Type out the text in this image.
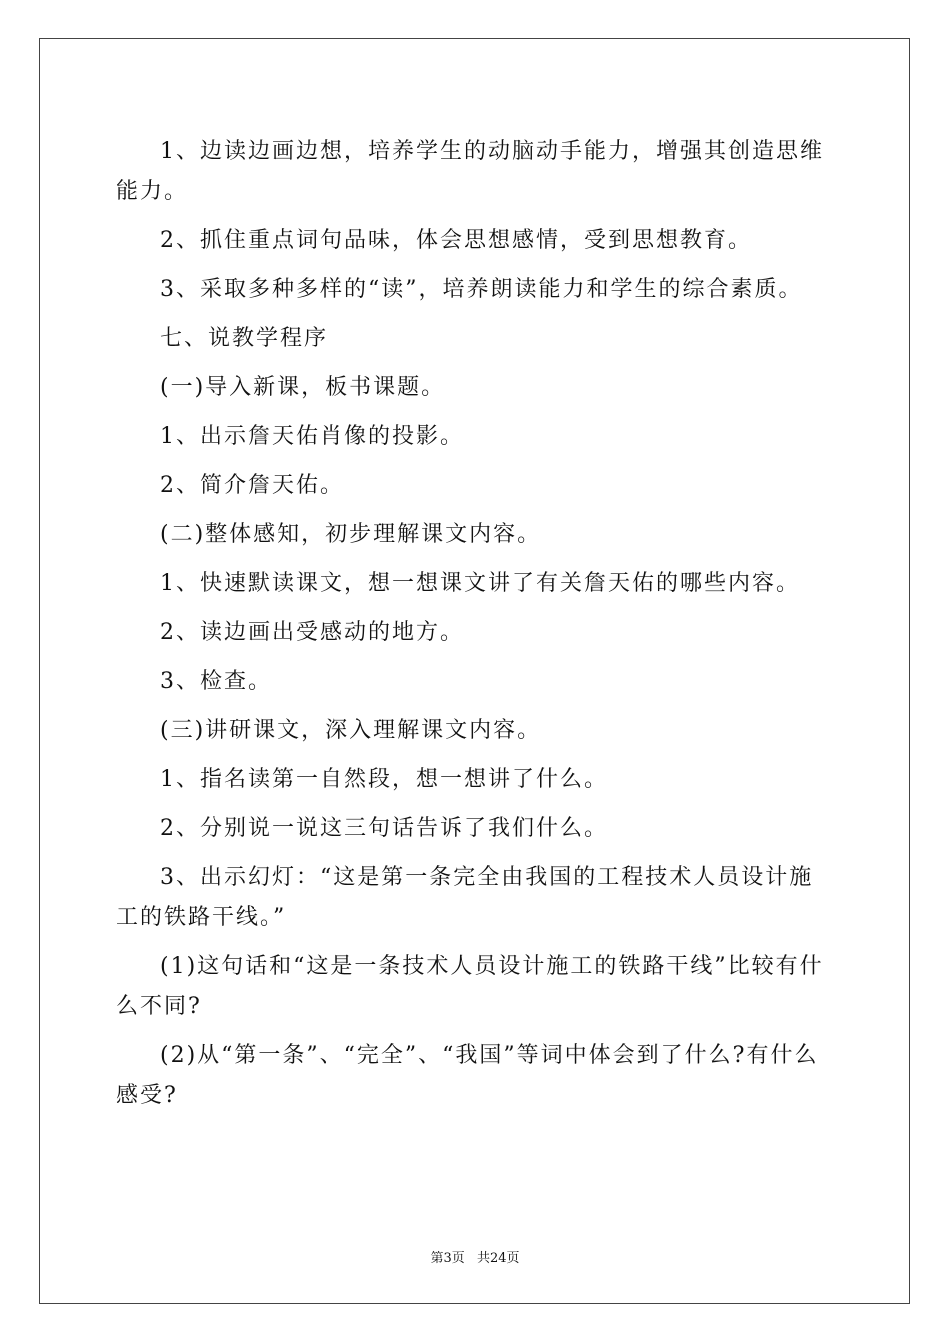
1、边读边画边想，培养学生的动脑动手能力，增强其创造思维能力。

2、抓住重点词句品味，体会思想感情，受到思想教育。

3、采取多种多样的“读”，培养朗读能力和学生的综合素质。

七、说教学程序

(一)导入新课，板书课题。

1、出示詹天佑肖像的投影。

2、简介詹天佑。

(二)整体感知，初步理解课文内容。

1、快速默读课文，想一想课文讲了有关詹天佑的哪些内容。

2、读边画出受感动的地方。

3、检查。

(三)讲研课文，深入理解课文内容。

1、指名读第一自然段，想一想讲了什么。

2、分别说一说这三句话告诉了我们什么。

3、出示幻灯：“这是第一条完全由我国的工程技术人员设计施工的铁路干线。”

(1)这句话和“这是一条技术人员设计施工的铁路干线”比较有什么不同?

(2)从“第一条”、“完全”、“我国”等词中体会到了什么?有什么感受?

第3页 共24页
